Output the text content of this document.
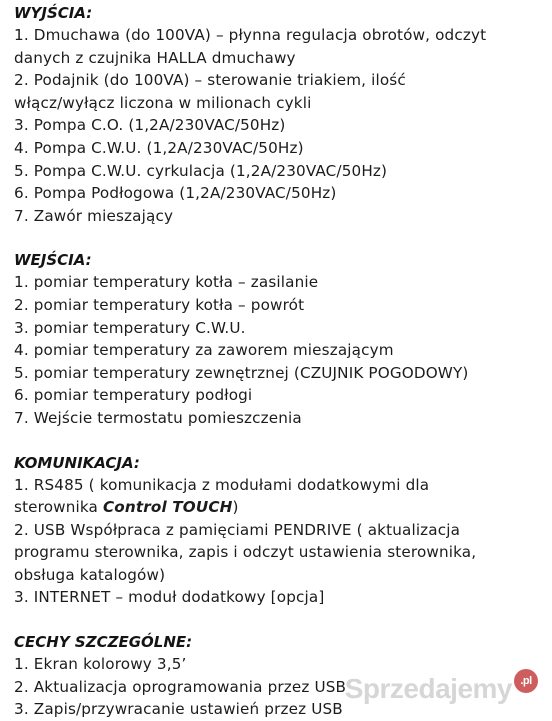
WYJŚCIA:

1. Dmuchawa (do 100VA) – płynna regulacja obrotów, odczyt

danych z czujnika HALLA dmuchawy

2. Podajnik (do 100VA) – sterowanie triakiem, ilość

włącz/wyłącz liczona w milionach cykli

3. Pompa C.O. (1,2A/230VAC/50Hz)

4. Pompa C.W.U. (1,2A/230VAC/50Hz)

5. Pompa C.W.U. cyrkulacja (1,2A/230VAC/50Hz)

6. Pompa Podłogowa (1,2A/230VAC/50Hz)

7. Zawór mieszający

WEJŚCIA:

1. pomiar temperatury kotła – zasilanie

2. pomiar temperatury kotła – powrót

3. pomiar temperatury C.W.U.

4. pomiar temperatury za zaworem mieszającym

5. pomiar temperatury zewnętrznej (CZUJNIK POGODOWY)

6. pomiar temperatury podłogi

7. Wejście termostatu pomieszczenia

KOMUNIKACJA:

1. RS485 ( komunikacja z modułami dodatkowymi dla

sterownika Control TOUCH)

2. USB Współpraca z pamięciami PENDRIVE ( aktualizacja

programu sterownika, zapis i odczyt ustawienia sterownika,

obsługa katalogów)

3. INTERNET – moduł dodatkowy [opcja]

CECHY SZCZEGÓLNE:

1. Ekran kolorowy 3,5’

2. Aktualizacja oprogramowania przez USB

3. Zapis/przywracanie ustawień przez USB

Sprzedajemy .pl
